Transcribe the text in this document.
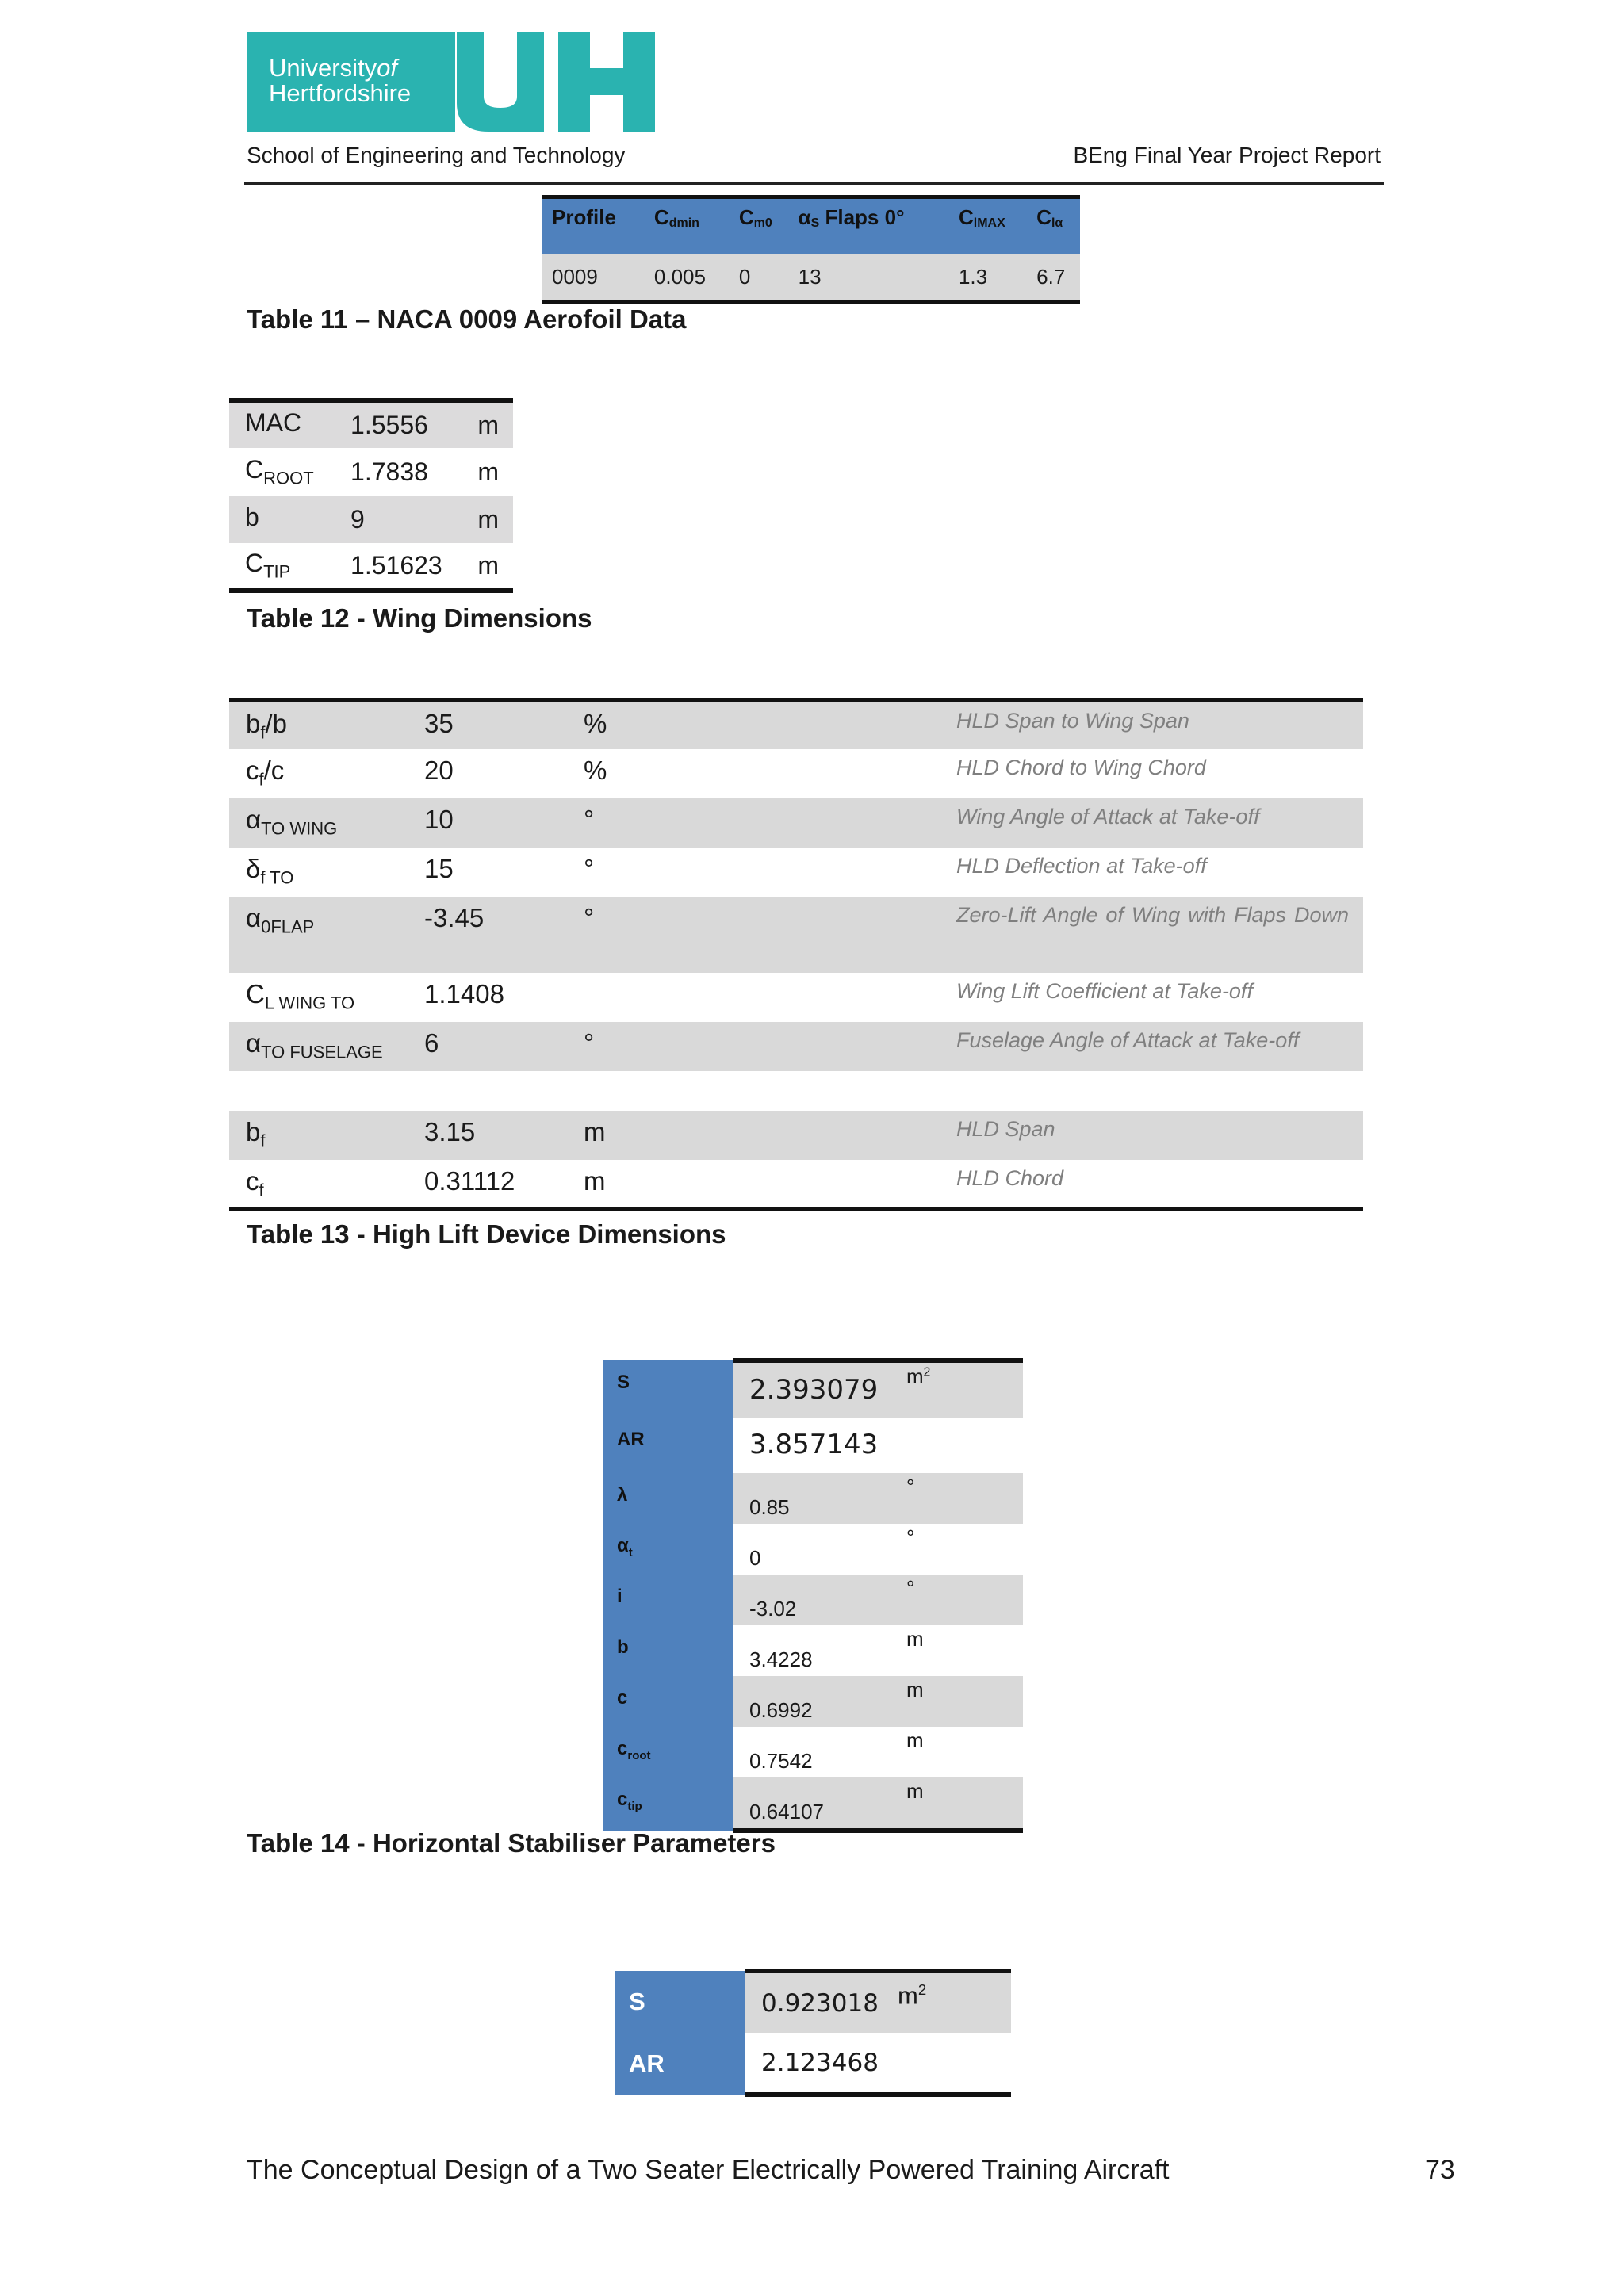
Universityof
Hertfordshire
School of Engineering and Technology	BEng Final Year Project Report
Profile	$C_{dmin}$	$C_{m0}$	$\alpha_S$ Flaps 0°	$C_{lMAX}$	$C_{l\alpha}$
0009	0.005	0	13	1.3	6.7
Table 11 – NACA 0009 Aerofoil Data
MAC	1.5556	m
$C_{ROOT}$	1.7838	m
b	9	m
$C_{TIP}$	1.51623	m
Table 12 - Wing Dimensions
$b_f/b$	35	%	HLD Span to Wing Span
$c_f/c$	20	%	HLD Chord to Wing Chord
$\alpha_{TO WING}$	10	°	Wing Angle of Attack at Take-off
$\delta_{f TO}$	15	°	HLD Deflection at Take-off
$\alpha_{0FLAP}$	-3.45	°	Zero-Lift Angle of Wing with Flaps Down
$C_{L WING TO}$	1.1408		Wing Lift Coefficient at Take-off
$\alpha_{TO FUSELAGE}$	6	°	Fuselage Angle of Attack at Take-off

$b_f$	3.15	m	HLD Span
$c_f$	0.31112	m	HLD Chord
Table 13 - High Lift Device Dimensions
S	2.393079	$m^2$
AR	3.857143	
λ	0.85	°
$\alpha_t$	0	°
i	-3.02	°
b	3.4228	m
c	0.6992	m
$c_{root}$	0.7542	m
$c_{tip}$	0.64107	m
Table 14 - Horizontal Stabiliser Parameters
S	0.923018	$m^2$
AR	2.123468	
The Conceptual Design of a Two Seater Electrically Powered Training Aircraft	73
